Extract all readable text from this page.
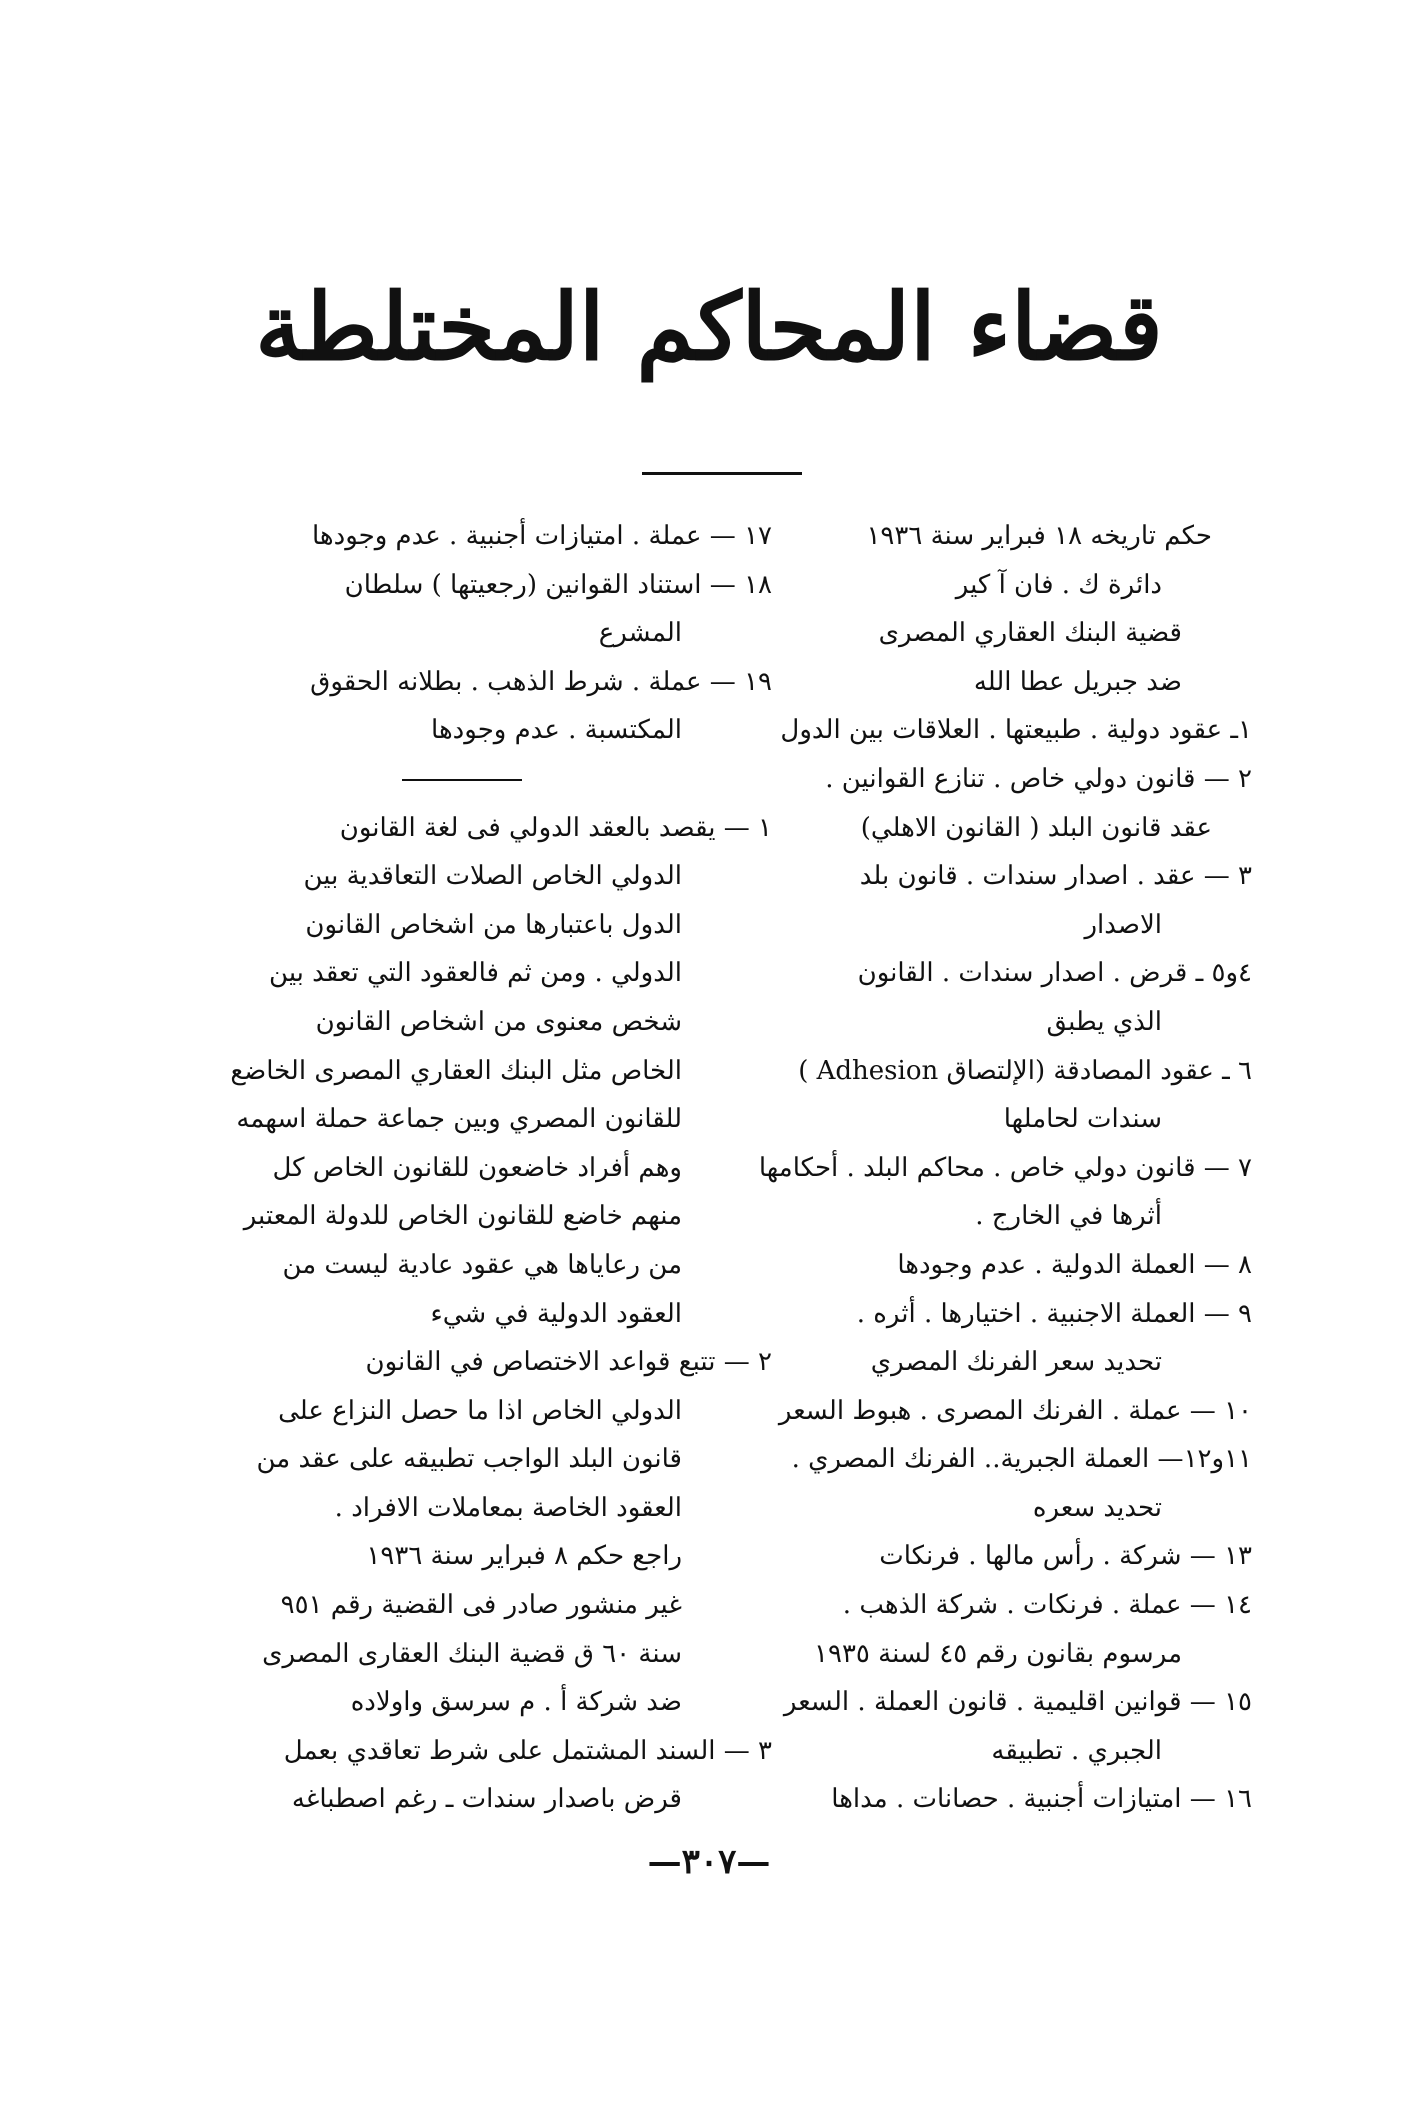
قضاء المحاكم المختلطة
حكم تاريخه ١٨ فبراير سنة ١٩٣٦
دائرة ك . فان آ كير
قضية البنك العقاري المصرى
ضد جبريل عطا الله
١ـ عقود دولية . طبيعتها . العلاقات بين الدول
٢ — قانون دولي خاص . تنازع القوانين .
عقد قانون البلد ( القانون الاهلي)
٣ — عقد . اصدار سندات . قانون بلد
الاصدار
٤و٥ ـ قرض . اصدار سندات . القانون
الذي يطبق
٦ ـ عقود المصادقة (الإلتصاق Adhesion )
سندات لحاملها
٧ — قانون دولي خاص . محاكم البلد . أحكامها
أثرها في الخارج .
٨ — العملة الدولية . عدم وجودها
٩ — العملة الاجنبية . اختيارها . أثره .
تحديد سعر الفرنك المصري
١٠ — عملة . الفرنك المصرى . هبوط السعر
١١و١٢— العملة الجبرية.. الفرنك المصري .
تحديد سعره
١٣ — شركة . رأس مالها . فرنكات
١٤ — عملة . فرنكات . شركة الذهب .
مرسوم بقانون رقم ٤٥ لسنة ١٩٣٥
١٥ — قوانين اقليمية . قانون العملة . السعر
الجبري . تطبيقه
١٦ — امتيازات أجنبية . حصانات . مداها
١٧ — عملة . امتيازات أجنبية . عدم وجودها
١٨ — استناد القوانين (رجعيتها ) سلطان
المشرع
١٩ — عملة . شرط الذهب . بطلانه الحقوق
المكتسبة . عدم وجودها
١ — يقصد بالعقد الدولي فى لغة القانون
الدولي الخاص الصلات التعاقدية بين
الدول باعتبارها من اشخاص القانون
الدولي . ومن ثم فالعقود التي تعقد بين
شخص معنوى من اشخاص القانون
الخاص مثل البنك العقاري المصرى الخاضع
للقانون المصري وبين جماعة حملة اسهمه
وهم أفراد خاضعون للقانون الخاص كل
منهم خاضع للقانون الخاص للدولة المعتبر
من رعاياها هي عقود عادية ليست من
العقود الدولية في شيء
٢ — تتبع قواعد الاختصاص في القانون
الدولي الخاص اذا ما حصل النزاع على
قانون البلد الواجب تطبيقه على عقد من
العقود الخاصة بمعاملات الافراد .
راجع حكم ٨ فبراير سنة ١٩٣٦
غير منشور صادر فى القضية رقم ٩٥١
سنة ٦٠ ق قضية البنك العقارى المصرى
ضد شركة أ . م سرسق واولاده
٣ — السند المشتمل على شرط تعاقدي بعمل
قرض باصدار سندات ـ رغم اصطباغه
—٣٠٧—
